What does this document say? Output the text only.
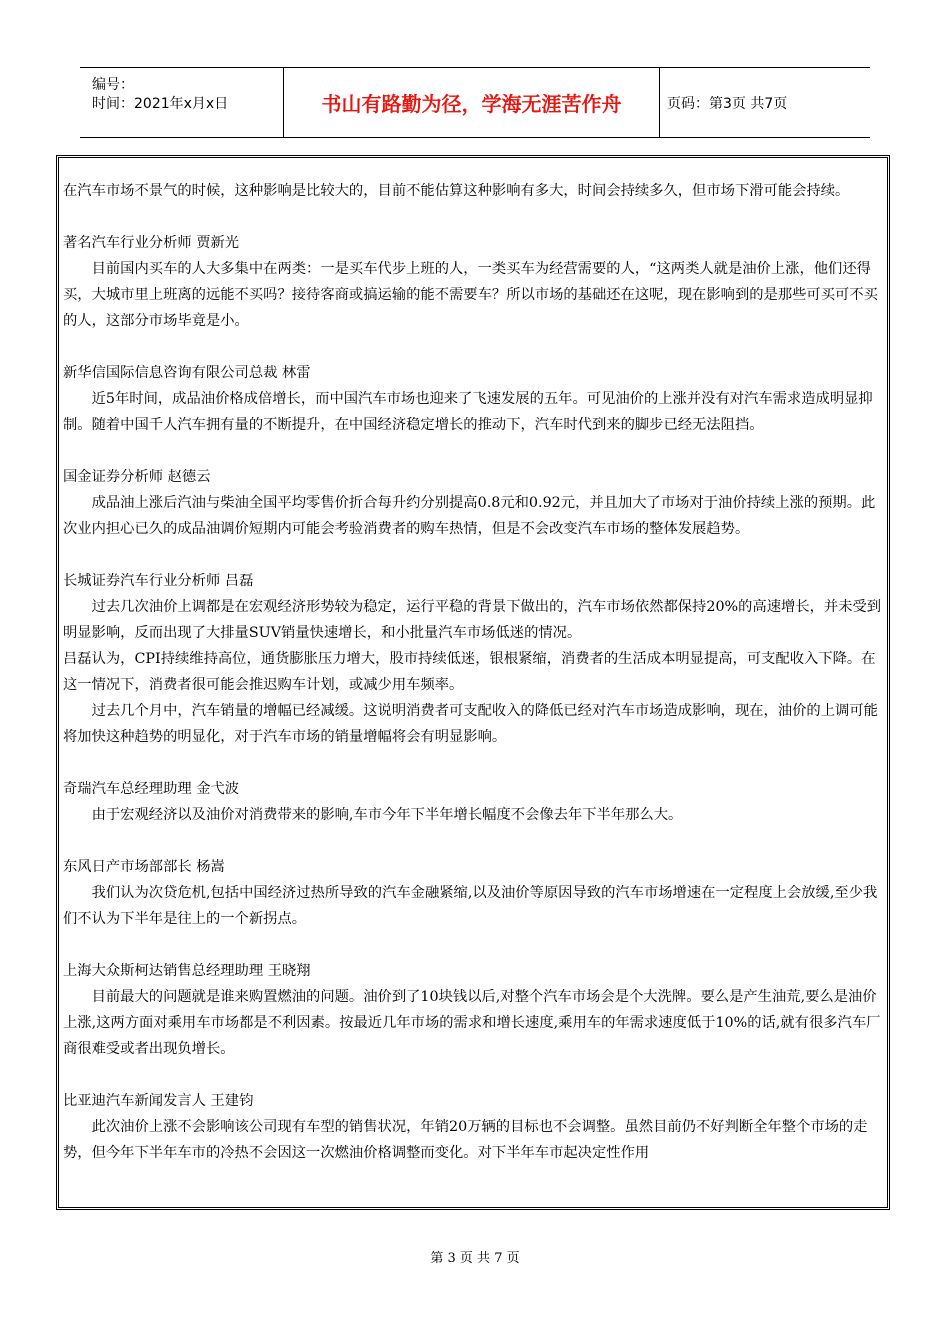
编号：
时间：2021年x月x日	书山有路勤为径，学海无涯苦作舟	页码：第3页 共7页

在汽车市场不景气的时候，这种影响是比较大的，目前不能估算这种影响有多大，时间会持续多久，但市场下滑可能会持续。

著名汽车行业分析师 贾新光

目前国内买车的人大多集中在两类：一是买车代步上班的人，一类买车为经营需要的人，“这两类人就是油价上涨，他们还得买，大城市里上班离的远能不买吗？接待客商或搞运输的能不需要车？所以市场的基础还在这呢，现在影响到的是那些可买可不买的人，这部分市场毕竟是小。

新华信国际信息咨询有限公司总裁 林雷

近5年时间，成品油价格成倍增长，而中国汽车市场也迎来了飞速发展的五年。可见油价的上涨并没有对汽车需求造成明显抑制。随着中国千人汽车拥有量的不断提升，在中国经济稳定增长的推动下，汽车时代到来的脚步已经无法阻挡。

国金证券分析师 赵德云

成品油上涨后汽油与柴油全国平均零售价折合每升约分别提高0.8元和0.92元，并且加大了市场对于油价持续上涨的预期。此次业内担心已久的成品油调价短期内可能会考验消费者的购车热情，但是不会改变汽车市场的整体发展趋势。

长城证券汽车行业分析师 吕磊

过去几次油价上调都是在宏观经济形势较为稳定，运行平稳的背景下做出的，汽车市场依然都保持20%的高速增长，并未受到明显影响，反而出现了大排量SUV销量快速增长，和小批量汽车市场低迷的情况。

吕磊认为，CPI持续维持高位，通货膨胀压力增大，股市持续低迷，银根紧缩，消费者的生活成本明显提高，可支配收入下降。在这一情况下，消费者很可能会推迟购车计划，或减少用车频率。

过去几个月中，汽车销量的增幅已经减缓。这说明消费者可支配收入的降低已经对汽车市场造成影响，现在，油价的上调可能将加快这种趋势的明显化，对于汽车市场的销量增幅将会有明显影响。

奇瑞汽车总经理助理 金弋波

由于宏观经济以及油价对消费带来的影响,车市今年下半年增长幅度不会像去年下半年那么大。

东风日产市场部部长 杨嵩

我们认为次贷危机,包括中国经济过热所导致的汽车金融紧缩,以及油价等原因导致的汽车市场增速在一定程度上会放缓,至少我们不认为下半年是往上的一个新拐点。

上海大众斯柯达销售总经理助理 王晓翔

目前最大的问题就是谁来购置燃油的问题。油价到了10块钱以后,对整个汽车市场会是个大洗牌。要么是产生油荒,要么是油价上涨,这两方面对乘用车市场都是不利因素。按最近几年市场的需求和增长速度,乘用车的年需求速度低于10%的话,就有很多汽车厂商很难受或者出现负增长。

比亚迪汽车新闻发言人 王建钧

此次油价上涨不会影响该公司现有车型的销售状况，年销20万辆的目标也不会调整。虽然目前仍不好判断全年整个市场的走势，但今年下半年车市的冷热不会因这一次燃油价格调整而变化。对下半年车市起决定性作用

第 3 页 共 7 页
